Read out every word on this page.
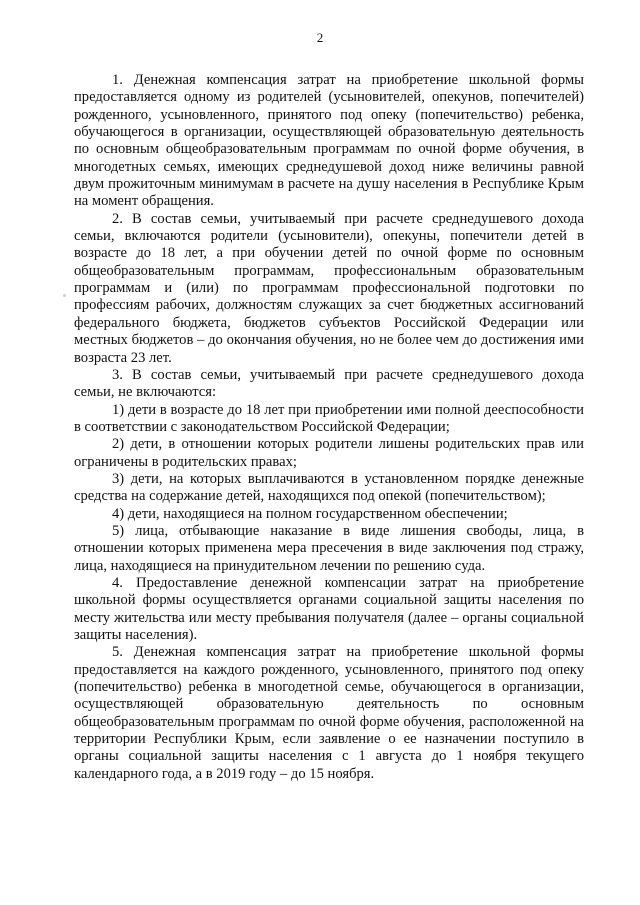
2

1. Денежная компенсация затрат на приобретение школьной формы предоставляется одному из родителей (усыновителей, опекунов, попечителей) рожденного, усыновленного, принятого под опеку (попечительство) ребенка, обучающегося в организации, осуществляющей образовательную деятельность по основным общеобразовательным программам по очной форме обучения, в многодетных семьях, имеющих среднедушевой доход ниже величины равной двум прожиточным минимумам в расчете на душу населения в Республике Крым на момент обращения.

2. В состав семьи, учитываемый при расчете среднедушевого дохода семьи, включаются родители (усыновители), опекуны, попечители детей в возрасте до 18 лет, а при обучении детей по очной форме по основным общеобразовательным программам, профессиональным образовательным программам и (или) по программам профессиональной подготовки по профессиям рабочих, должностям служащих за счет бюджетных ассигнований федерального бюджета, бюджетов субъектов Российской Федерации или местных бюджетов – до окончания обучения, но не более чем до достижения ими возраста 23 лет.

3. В состав семьи, учитываемый при расчете среднедушевого дохода семьи, не включаются:

1) дети в возрасте до 18 лет при приобретении ими полной дееспособности в соответствии с законодательством Российской Федерации;

2) дети, в отношении которых родители лишены родительских прав или ограничены в родительских правах;

3) дети, на которых выплачиваются в установленном порядке денежные средства на содержание детей, находящихся под опекой (попечительством);

4) дети, находящиеся на полном государственном обеспечении;

5) лица, отбывающие наказание в виде лишения свободы, лица, в отношении которых применена мера пресечения в виде заключения под стражу, лица, находящиеся на принудительном лечении по решению суда.

4. Предоставление денежной компенсации затрат на приобретение школьной формы осуществляется органами социальной защиты населения по месту жительства или месту пребывания получателя (далее – органы социальной защиты населения).

5. Денежная компенсация затрат на приобретение школьной формы предоставляется на каждого рожденного, усыновленного, принятого под опеку (попечительство) ребенка в многодетной семье, обучающегося в организации, осуществляющей образовательную деятельность по основным общеобразовательным программам по очной форме обучения, расположенной на территории Республики Крым, если заявление о ее назначении поступило в органы социальной защиты населения с 1 августа до 1 ноября текущего календарного года, а в 2019 году – до 15 ноября.
